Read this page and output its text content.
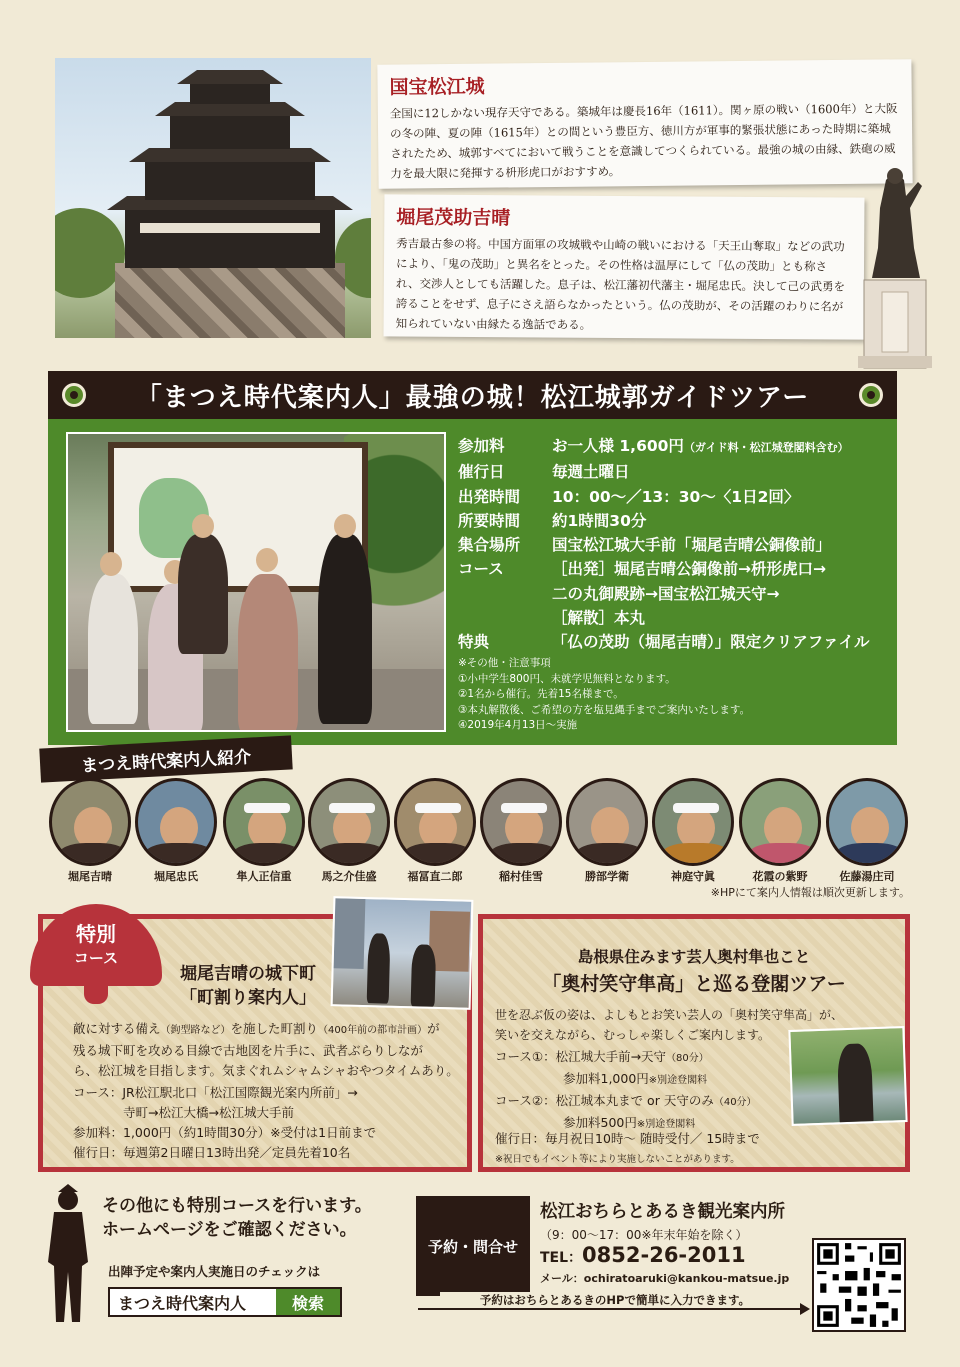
国宝松江城
全国に12しかない現存天守である。築城年は慶長16年（1611）。関ヶ原の戦い（1600年）と大阪の冬の陣、夏の陣（1615年）との間という豊臣方、徳川方が軍事的緊張状態にあった時期に築城されたため、城郭すべてにおいて戦うことを意識してつくられている。最強の城の由縁、鉄砲の威力を最大限に発揮する枡形虎口がおすすめ。
堀尾茂助吉晴
秀吉最古参の将。中国方面軍の攻城戦や山崎の戦いにおける「天王山奪取」などの武功により、「鬼の茂助」と異名をとった。その性格は温厚にして「仏の茂助」とも称され、交渉人としても活躍した。息子は、松江藩初代藩主・堀尾忠氏。決して己の武勇を誇ることをせず、息子にさえ語らなかったという。仏の茂助が、その活躍のわりに名が知られていない由縁たる逸話である。
「まつえ時代案内人」最強の城！松江城郭ガイドツアー
参加料	お一人様 1,600円（ガイド料・松江城登閣料含む）
催行日	毎週土曜日
出発時間	10：00～／13：30～〈1日2回〉
所要時間	約1時間30分
集合場所	国宝松江城大手前「堀尾吉晴公銅像前」
コース	［出発］堀尾吉晴公銅像前→枡形虎口→
二の丸御殿跡→国宝松江城天守→
［解散］本丸
特典	「仏の茂助（堀尾吉晴）」限定クリアファイル
※その他・注意事項
①小中学生800円、未就学児無料となります。
②1名から催行。先着15名様まで。
③本丸解散後、ご希望の方を塩見縄手までご案内いたします。
④2019年4月13日～実施
まつえ時代案内人紹介
堀尾吉晴	堀尾忠氏	隼人正信重	馬之介佳盛	福冨直二郎	稲村佳雪	勝部学衛	神庭守眞	花霞の紫野	佐藤湯庄司
※HPにて案内人情報は順次更新します。
堀尾吉晴の城下町
「町割り案内人」
敵に対する備え（鉤型路など）を施した町割り（400年前の都市計画）が
残る城下町を攻める目線で古地図を片手に、武者ぶらりしなが
ら、松江城を目指します。気まぐれムシャムシャおやつタイムあり。
コース：JR松江駅北口「松江国際観光案内所前」→
　　　　寺町→松江大橋→松江城大手前
参加料：1,000円（約1時間30分）※受付は1日前まで
催行日：毎週第2日曜日13時出発／定員先着10名
島根県住みます芸人奥村隼也こと
「奥村笑守隼高」と巡る登閣ツアー
世を忍ぶ仮の姿は、よしもとお笑い芸人の「奥村笑守隼高」が、
笑いを交えながら、むっしゃ楽しくご案内します。
コース①：松江城大手前→天守（80分）
参加料1,000円※別途登閣料
コース②：松江城本丸まで or 天守のみ（40分）
参加料500円※別途登閣料
催行日：毎月祝日10時～ 随時受付／ 15時まで
※祝日でもイベント等により実施しないことがあります。
特別
コース
その他にも特別コースを行います。
ホームページをご確認ください。
出陣予定や案内人実施日のチェックは
まつえ時代案内人	検索
予約・問合せ
松江おちらとあるき観光案内所
（9：00～17：00※年末年始を除く）
TEL：0852-26-2011
メール：ochiratoaruki@kankou-matsue.jp
予約はおちらとあるきのHPで簡単に入力できます。
